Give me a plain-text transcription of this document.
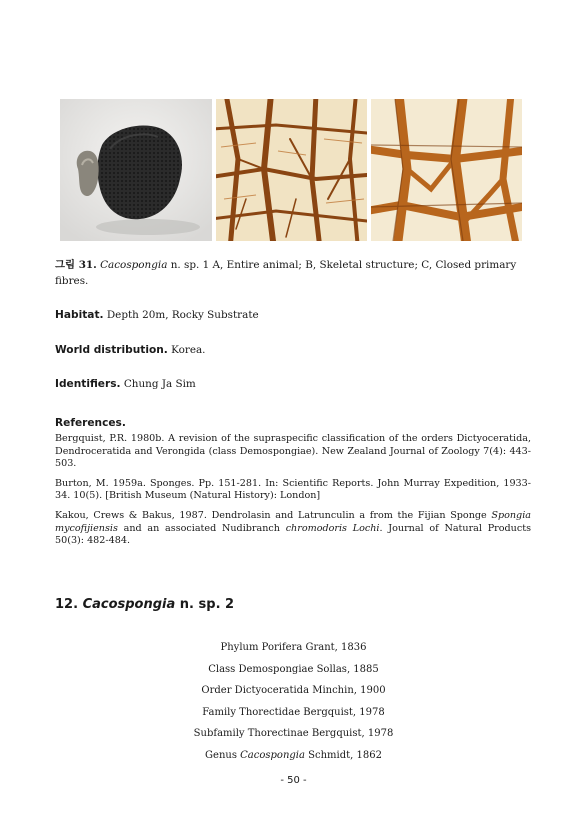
그림 31. Cacospongia n. sp. 1 A, Entire animal; B, Skeletal structure; C, Closed primary fibres.
Habitat. Depth 20m, Rocky Substrate
World distribution. Korea.
Identifiers. Chung Ja Sim
References.

Bergquist, P.R. 1980b. A revision of the supraspecific classification of the orders Dictyoceratida, Dendroceratida and Verongida (class Demospongiae). New Zealand Journal of Zoology 7(4): 443-503.

Burton, M. 1959a. Sponges. Pp. 151-281. In: Scientific Reports. John Murray Expedition, 1933-34. 10(5). [British Museum (Natural History): London]

Kakou, Crews & Bakus, 1987. Dendrolasin and Latrunculin a from the Fijian Sponge Spongia mycofijiensis and an associated Nudibranch chromodoris Lochi. Journal of Natural Products 50(3): 482-484.

12. Cacospongia n. sp. 2
Phylum Porifera Grant, 1836
Class Demospongiae Sollas, 1885
Order Dictyoceratida Minchin, 1900
Family Thorectidae Bergquist, 1978
Subfamily Thorectinae Bergquist, 1978
Genus Cacospongia Schmidt, 1862
- 50 -
